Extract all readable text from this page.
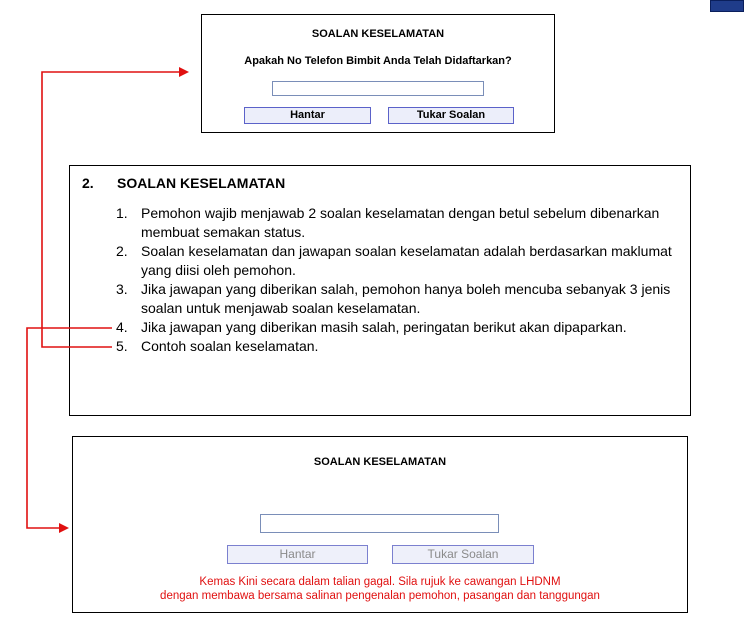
SOALAN KESELAMATAN
Apakah No Telefon Bimbit Anda Telah Didaftarkan?
Hantar	Tukar Soalan
2. SOALAN KESELAMATAN
1. Pemohon wajib menjawab 2 soalan keselamatan dengan betul sebelum dibenarkan membuat semakan status.
2. Soalan keselamatan dan jawapan soalan keselamatan adalah berdasarkan maklumat yang diisi oleh pemohon.
3. Jika jawapan yang diberikan salah, pemohon hanya boleh mencuba sebanyak 3 jenis soalan untuk menjawab soalan keselamatan.
4. Jika jawapan yang diberikan masih salah, peringatan berikut akan dipaparkan.
5. Contoh soalan keselamatan.
SOALAN KESELAMATAN
Hantar	Tukar Soalan
Kemas Kini secara dalam talian gagal. Sila rujuk ke cawangan LHDNM
dengan membawa bersama salinan pengenalan pemohon, pasangan dan tanggungan
